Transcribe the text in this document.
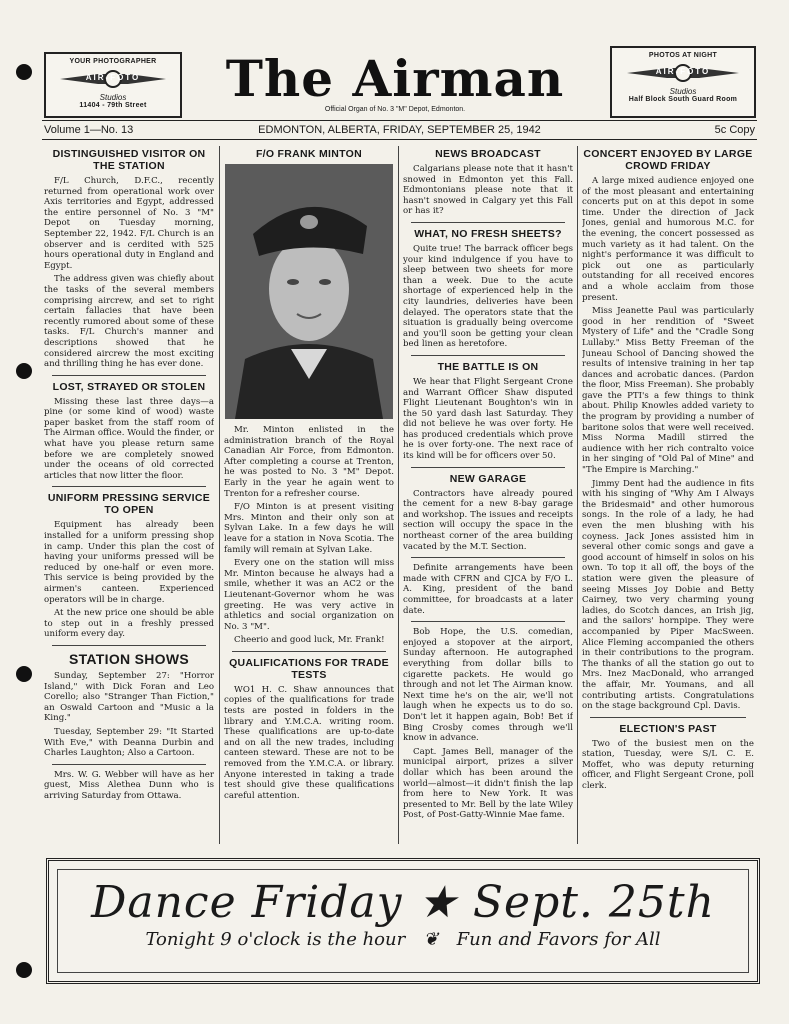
YOUR PHOTOGRAPHER
AIR-FOTO
Studios
11404 - 79th Street	The Airman
Official Organ of No. 3 "M" Depot, Edmonton.
PHOTOS AT NIGHT
AIR-FOTO
Studios
Half Block South Guard Room
EDMONTON, ALBERTA, FRIDAY, SEPTEMBER 25, 1942
Volume 1—No. 13	5c Copy
DISTINGUISHED VISITOR ON THE STATION

F/L Church, D.F.C., recently returned from operational work over Axis territories and Egypt, addressed the entire personnel of No. 3 "M" Depot on Tuesday morning, September 22, 1942. F/L Church is an observer and is cerdited with 525 hours operational duty in England and Egypt.

The address given was chiefly about the tasks of the several members comprising aircrew, and set to right certain fallacies that have been recently rumored about some of these tasks. F/L Church's manner and descriptions showed that he considered aircrew the most exciting and thrilling thing he has ever done.

LOST, STRAYED OR STOLEN

Missing these last three days—a pine (or some kind of wood) waste paper basket from the staff room of The Airman office. Would the finder, or what have you please return same before we are completely snowed under the oceans of old corrected articles that now litter the floor.

UNIFORM PRESSING SERVICE TO OPEN

Equipment has already been installed for a uniform pressing shop in camp. Under this plan the cost of having your uniforms pressed will be reduced by one-half or even more. This service is being provided by the airmen's canteen. Experienced operators will be in charge.

At the new price one should be able to step out in a freshly pressed uniform every day.

STATION SHOWS

Sunday, September 27: "Horror Island," with Dick Foran and Leo Corello; also "Stranger Than Fiction," an Oswald Cartoon and "Music a la King."

Tuesday, September 29: "It Started With Eve," with Deanna Durbin and Charles Laughton; Also a Cartoon.

Mrs. W. G. Webber will have as her guest, Miss Alethea Dunn who is arriving Saturday from Ottawa.

F/O FRANK MINTON

Mr. Minton enlisted in the administration branch of the Royal Canadian Air Force, from Edmonton. After completing a course at Trenton, he was posted to No. 3 "M" Depot. Early in the year he again went to Trenton for a refresher course.

F/O Minton is at present visiting Mrs. Minton and their only son at Sylvan Lake. In a few days he will leave for a station in Nova Scotia. The family will remain at Sylvan Lake.

Every one on the station will miss Mr. Minton because he always had a smile, whether it was an AC2 or the Lieutenant-Governor whom he was greeting. He was very active in athletics and social organization on No. 3 "M".

Cheerio and good luck, Mr. Frank!

QUALIFICATIONS FOR TRADE TESTS

WO1 H. C. Shaw announces that copies of the qualifications for trade tests are posted in folders in the library and Y.M.C.A. writing room. These qualifications are up-to-date and on all the new trades, including canteen steward. These are not to be removed from the Y.M.C.A. or library. Anyone interested in taking a trade test should give these qualifications careful attention.

NEWS BROADCAST

Calgarians please note that it hasn't snowed in Edmonton yet this Fall. Edmontonians please note that it hasn't snowed in Calgary yet this Fall or has it?

WHAT, NO FRESH SHEETS?

Quite true! The barrack officer begs your kind indulgence if you have to sleep between two sheets for more than a week. Due to the acute shortage of experienced help in the city laundries, deliveries have been delayed. The operators state that the situation is gradually being overcome and you'll soon be getting your clean bed linen as heretofore.

THE BATTLE IS ON

We hear that Flight Sergeant Crone and Warrant Officer Shaw disputed Flight Lieutenant Boughton's win in the 50 yard dash last Saturday. They did not believe he was over forty. He has produced credentials which prove he is over forty-one. The next race of its kind will be for officers over 50.

NEW GARAGE

Contractors have already poured the cement for a new 8-bay garage and workshop. The issues and receipts section will occupy the space in the northeast corner of the area building vacated by the M.T. Section.

Definite arrangements have been made with CFRN and CJCA by F/O L. A. King, president of the band committee, for broadcasts at a later date.

Bob Hope, the U.S. comedian, enjoyed a stopover at the airport, Sunday afternoon. He autographed everything from dollar bills to cigarette packets. He would go through and not let The Airman know. Next time he's on the air, we'll not laugh when he expects us to do so. Don't let it happen again, Bob! Bet if Bing Crosby comes through we'll know in advance.

Capt. James Bell, manager of the municipal airport, prizes a silver dollar which has been around the world—almost—it didn't finish the lap from here to New York. It was presented to Mr. Bell by the late Wiley Post, of Post-Gatty-Winnie Mae fame.

CONCERT ENJOYED BY LARGE CROWD FRIDAY

A large mixed audience enjoyed one of the most pleasant and entertaining concerts put on at this depot in some time. Under the direction of Jack Jones, genial and humorous M.C. for the evening, the concert possessed as much variety as it had talent. On the night's performance it was difficult to pick out one as particularly outstanding for all received encores and a whole acclaim from those present.

Miss Jeanette Paul was particularly good in her rendition of "Sweet Mystery of Life" and the "Cradle Song Lullaby." Miss Betty Freeman of the Juneau School of Dancing showed the results of intensive training in her tap dances and acrobatic dances. (Pardon the floor, Miss Freeman). She probably gave the PTI's a few things to think about. Philip Knowles added variety to the program by providing a number of baritone solos that were well received. Miss Norma Madill stirred the audience with her rich contralto voice in her singing of "Old Pal of Mine" and "The Empire is Marching."

Jimmy Dent had the audience in fits with his singing of "Why Am I Always the Bridesmaid" and other humorous songs. In the role of a lady, he had even the men blushing with his coyness. Jack Jones assisted him in several other comic songs and gave a good account of himself in solos on his own. To top it all off, the boys of the station were given the pleasure of seeing Misses Joy Dobie and Betty Cairney, two very charming young ladies, do Scotch dances, an Irish jig, and the sailors' hornpipe. They were accompanied by Piper MacSween. Alice Fleming accompanied the others in their contributions to the program. The thanks of all the station go out to Mrs. Inez MacDonald, who arranged the affair, Mr. Youmans, and all contributing artists. Congratulations on the stage background Cpl. Davis.

ELECTION'S PAST

Two of the busiest men on the station, Tuesday, were S/L C. E. Moffet, who was deputy returning officer, and Flight Sergeant Crone, poll clerk.

Dance Friday ★ Sept. 25th
Tonight 9 o'clock is the hour ❦ Fun and Favors for All
